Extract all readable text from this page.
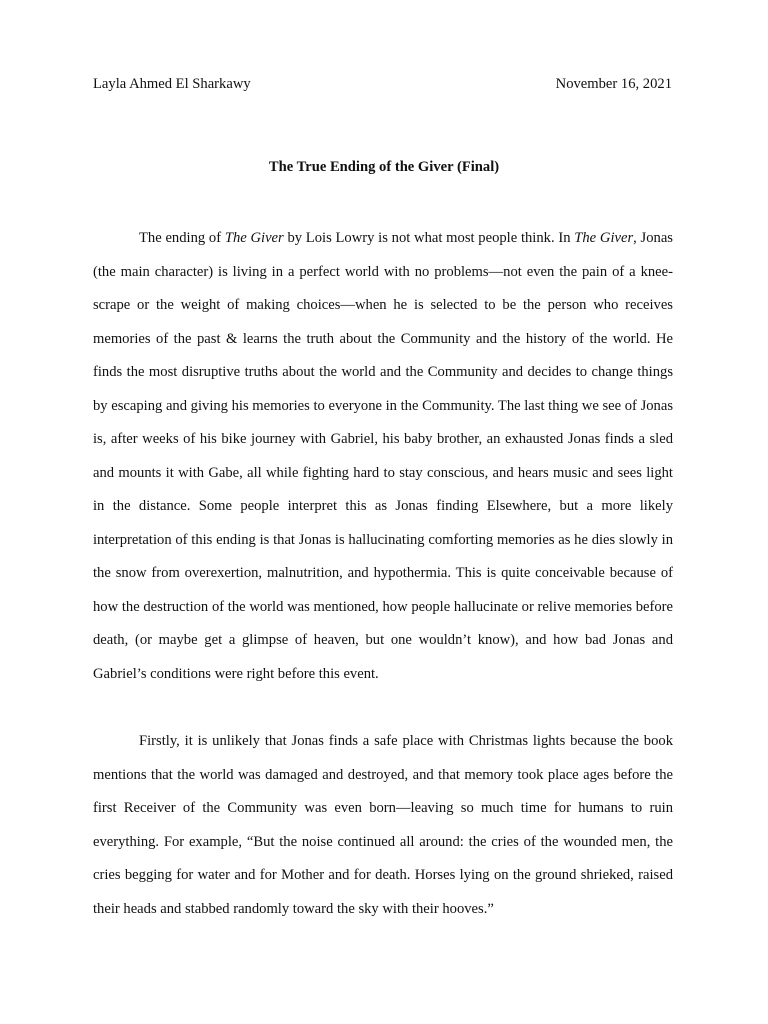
Layla Ahmed El Sharkawy	November 16, 2021
The True Ending of the Giver (Final)

The ending of The Giver by Lois Lowry is not what most people think. In The Giver, Jonas (the main character) is living in a perfect world with no problems—not even the pain of a knee-scrape or the weight of making choices—when he is selected to be the person who receives memories of the past & learns the truth about the Community and the history of the world. He finds the most disruptive truths about the world and the Community and decides to change things by escaping and giving his memories to everyone in the Community. The last thing we see of Jonas is, after weeks of his bike journey with Gabriel, his baby brother, an exhausted Jonas finds a sled and mounts it with Gabe, all while fighting hard to stay conscious, and hears music and sees light in the distance. Some people interpret this as Jonas finding Elsewhere, but a more likely interpretation of this ending is that Jonas is hallucinating comforting memories as he dies slowly in the snow from overexertion, malnutrition, and hypothermia. This is quite conceivable because of how the destruction of the world was mentioned, how people hallucinate or relive memories before death, (or maybe get a glimpse of heaven, but one wouldn’t know), and how bad Jonas and Gabriel’s conditions were right before this event.

Firstly, it is unlikely that Jonas finds a safe place with Christmas lights because the book mentions that the world was damaged and destroyed, and that memory took place ages before the first Receiver of the Community was even born—leaving so much time for humans to ruin everything. For example, “But the noise continued all around: the cries of the wounded men, the cries begging for water and for Mother and for death. Horses lying on the ground shrieked, raised their heads and stabbed randomly toward the sky with their hooves.”
